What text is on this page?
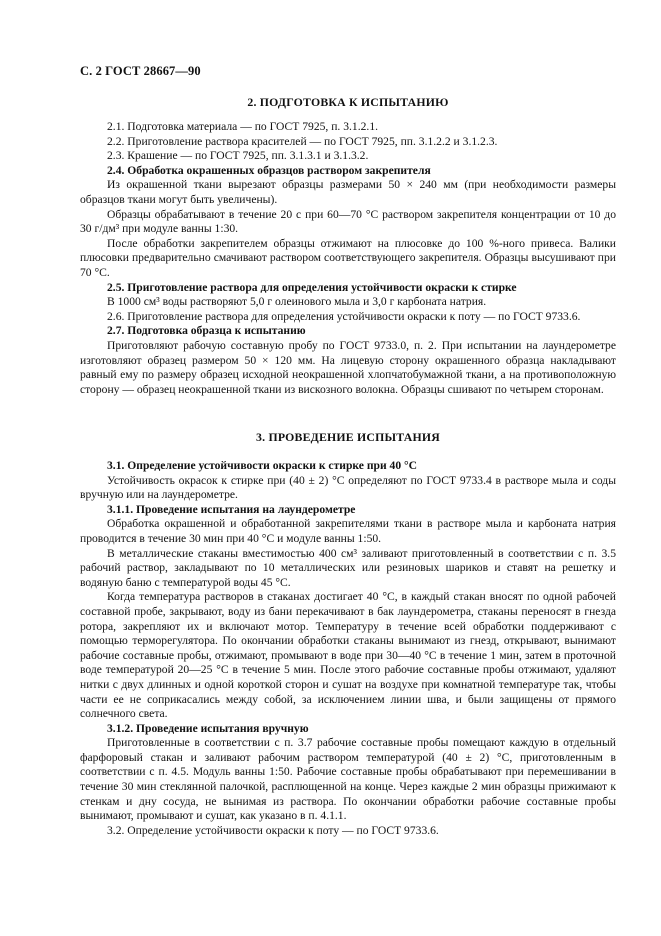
С. 2 ГОСТ 28667—90
2. ПОДГОТОВКА К ИСПЫТАНИЮ

2.1. Подготовка материала — по ГОСТ 7925, п. 3.1.2.1.

2.2. Приготовление раствора красителей — по ГОСТ 7925, пп. 3.1.2.2 и 3.1.2.3.

2.3. Крашение — по ГОСТ 7925, пп. 3.1.3.1 и 3.1.3.2.

2.4. Обработка окрашенных образцов раствором закрепителя

Из окрашенной ткани вырезают образцы размерами 50 × 240 мм (при необходимости размеры образцов ткани могут быть увеличены).

Образцы обрабатывают в течение 20 с при 60—70 °С раствором закрепителя концентрации от 10 до 30 г/дм³ при модуле ванны 1:30.

После обработки закрепителем образцы отжимают на плюсовке до 100 %-ного привеса. Валики плюсовки предварительно смачивают раствором соответствующего закрепителя. Образцы высушивают при 70 °С.

2.5. Приготовление раствора для определения устойчивости окраски к стирке

В 1000 см³ воды растворяют 5,0 г олеинового мыла и 3,0 г карбоната натрия.

2.6. Приготовление раствора для определения устойчивости окраски к поту — по ГОСТ 9733.6.

2.7. Подготовка образца к испытанию

Приготовляют рабочую составную пробу по ГОСТ 9733.0, п. 2. При испытании на лаундерометре изготовляют образец размером 50 × 120 мм. На лицевую сторону окрашенного образца накладывают равный ему по размеру образец исходной неокрашенной хлопчатобумажной ткани, а на противоположную сторону — образец неокрашенной ткани из вискозного волокна. Образцы сшивают по четырем сторонам.

3. ПРОВЕДЕНИЕ ИСПЫТАНИЯ

3.1. Определение устойчивости окраски к стирке при 40 °С

Устойчивость окрасок к стирке при (40 ± 2) °С определяют по ГОСТ 9733.4 в растворе мыла и соды вручную или на лаундерометре.

3.1.1. Проведение испытания на лаундерометре

Обработка окрашенной и обработанной закрепителями ткани в растворе мыла и карбоната натрия проводится в течение 30 мин при 40 °С и модуле ванны 1:50.

В металлические стаканы вместимостью 400 см³ заливают приготовленный в соответствии с п. 3.5 рабочий раствор, закладывают по 10 металлических или резиновых шариков и ставят на решетку и водяную баню с температурой воды 45 °С.

Когда температура растворов в стаканах достигает 40 °С, в каждый стакан вносят по одной рабочей составной пробе, закрывают, воду из бани перекачивают в бак лаундерометра, стаканы переносят в гнезда ротора, закрепляют их и включают мотор. Температуру в течение всей обработки поддерживают с помощью терморегулятора. По окончании обработки стаканы вынимают из гнезд, открывают, вынимают рабочие составные пробы, отжимают, промывают в воде при 30—40 °С в течение 1 мин, затем в проточной воде температурой 20—25 °С в течение 5 мин. После этого рабочие составные пробы отжимают, удаляют нитки с двух длинных и одной короткой сторон и сушат на воздухе при комнатной температуре так, чтобы части ее не соприкасались между собой, за исключением линии шва, и были защищены от прямого солнечного света.

3.1.2. Проведение испытания вручную

Приготовленные в соответствии с п. 3.7 рабочие составные пробы помещают каждую в отдельный фарфоровый стакан и заливают рабочим раствором температурой (40 ± 2) °С, приготовленным в соответствии с п. 4.5. Модуль ванны 1:50. Рабочие составные пробы обрабатывают при перемешивании в течение 30 мин стеклянной палочкой, расплющенной на конце. Через каждые 2 мин образцы прижимают к стенкам и дну сосуда, не вынимая из раствора. По окончании обработки рабочие составные пробы вынимают, промывают и сушат, как указано в п. 4.1.1.

3.2. Определение устойчивости окраски к поту — по ГОСТ 9733.6.
